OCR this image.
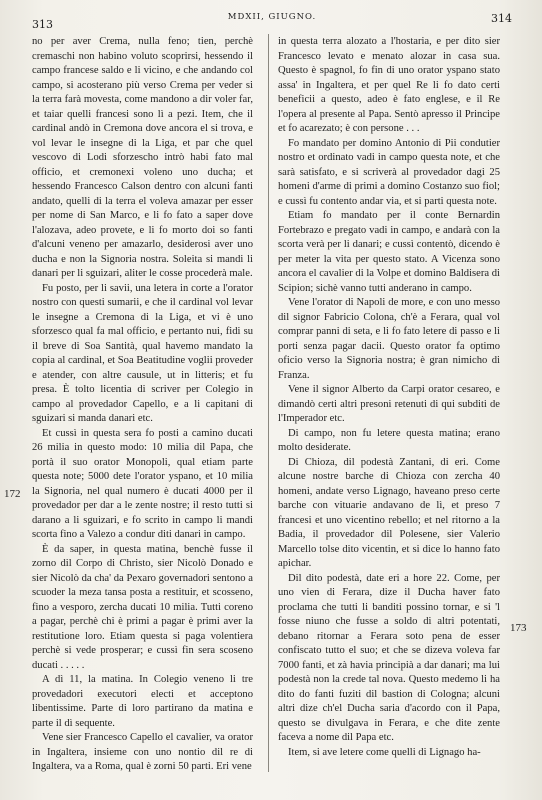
313
MDXII, GIUGNO.	314

no per aver Crema, nulla feno; tien, perchè cremaschi non habino voluto scoprirsi, hessendo il campo francese saldo e li vicino, e che andando col campo, si acosterano più verso Crema per veder si la terra farà movesta, come mandono a dir voler far, et taiar quelli francesi sono lì a pezi. Item, che il cardinal andò in Cremona dove ancora el si trova, e vol levar le insegne di la Liga, et par che quel vescovo di Lodi sforzescho intrò habi fato mal officio, et cremonexi voleno uno ducha; et hessendo Francesco Calson dentro con alcuni fanti andato, quelli di la terra el voleva amazar per esser per nome di San Marco, e li fo fato a saper dove l'alozava, adeo provete, e li fo morto doi so fanti d'alcuni veneno per amazarlo, desiderosi aver uno ducha e non la Signoria nostra. Soleita si mandi li danari per li sguizari, aliter le cosse procederà male.

Fu posto, per li savii, una letera in corte a l'orator nostro con questi sumarii, e che il cardinal vol levar le insegne a Cremona di la Liga, et vi è uno sforzesco qual fa mal officio, e pertanto nui, fidi su il breve di Soa Santità, qual havemo mandato la copia al cardinal, et Soa Beatitudine voglii proveder e atender, con altre causule, ut in litteris; et fu presa. È tolto licentia di scriver per Colegio in campo al provedador Capello, e a li capitani di sguizari si manda danari etc.

Et cussì in questa sera fo posti a camino ducati 26 milia in questo modo: 10 milia dil Papa, che portà il suo orator Monopoli, qual etiam parte questa note; 5000 dete l'orator yspano, et 10 milia la Signoria, nel qual numero è ducati 4000 per il provedador per dar a le zente nostre; il resto tutti si darano a li sguizari, e fo scrito in campo li mandi scorta fino a Valezo a condur diti danari in campo.

È da saper, in questa matina, benchè fusse il zorno dil Corpo di Christo, sier Nicolò Donado e sier Nicolò da cha' da Pexaro governadori sentono a scuoder la meza tansa posta a restituir, et scosseno, fino a vesporo, zercha ducati 10 milia. Tutti coreno a pagar, perchè chi è primi a pagar è primi aver la restitutione loro. Etiam questa si paga volentiera perchè si vede prosperar; e cussì fin sera scoseno ducati . . . . .

A dì 11, la matina. In Colegio veneno li tre provedadori executori electi et acceptono libentissime. Parte di loro partirano da matina e parte il dì sequente.

Vene sier Francesco Capello el cavalier, va orator in Ingaltera, insieme con uno nontio dil re di Ingaltera, va a Roma, qual è zorni 50 parti. Eri vene

in questa terra alozato a l'hostaria, e per dito sier Francesco levato e menato alozar in casa sua. Questo è spagnol, fo fin di uno orator yspano stato assa' in Ingaltera, et per quel Re li fo dato certi beneficii a questo, adeo è fato englese, e il Re l'opera al presente al Papa. Sentò apresso il Principe et fo acarezato; è con persone . . .

Fo mandato per domino Antonio di Pii condutier nostro et ordinato vadi in campo questa note, et che sarà satisfato, e si scriverà al provedador dagi 25 homeni d'arme di primi a domino Costanzo suo fiol; e cussì fu contento andar via, et si parti questa note.

Etiam fo mandato per il conte Bernardin Fortebrazo e pregato vadi in campo, e andarà con la scorta verà per li danari; e cussì contentò, dicendo è per meter la vita per questo stato. A Vicenza sono ancora el cavalier di la Volpe et domino Baldisera di Scipion; sichè vanno tutti anderano in campo.

Vene l'orator di Napoli de more, e con uno messo dil signor Fabricio Colona, ch'è a Ferara, qual vol comprar panni di seta, e li fo fato letere di passo e li porti senza pagar dacii. Questo orator fa optimo oficio verso la Signoria nostra; è gran nimicho di Franza.

Vene il signor Alberto da Carpi orator cesareo, e dimandò certi altri presoni retenuti di qui subditi de l'Imperador etc.

Di campo, non fu letere questa matina; erano molto desiderate.

Di Chioza, dil podestà Zantani, di eri. Come alcune nostre barche di Chioza con zercha 40 homeni, andate verso Lignago, haveano preso certe barche con vituarie andavano de lì, et preso 7 francesi et uno vicentino rebello; et nel ritorno a la Badia, il provedador dil Polesene, sier Valerio Marcello tolse dito vicentin, et si dice lo hanno fato apichar.

Dil dito podestà, date eri a hore 22. Come, per uno vien di Ferara, dize il Ducha haver fato proclama che tutti li banditi possino tornar, e si 'l fosse niuno che fusse a soldo di altri potentati, debano ritornar a Ferara soto pena de esser confiscato tutto el suo; et che se dizeva voleva far 7000 fanti, et zà havia principià a dar danari; ma lui podestà non la crede tal nova. Questo medemo li ha dito do fanti fuziti dil bastion di Cologna; alcuni altri dize ch'el Ducha saria d'acordo con il Papa, questo se divulgava in Ferara, e che dite zente faceva a nome dil Papa etc.

Item, si ave letere come quelli di Lignago ha-

172
173
